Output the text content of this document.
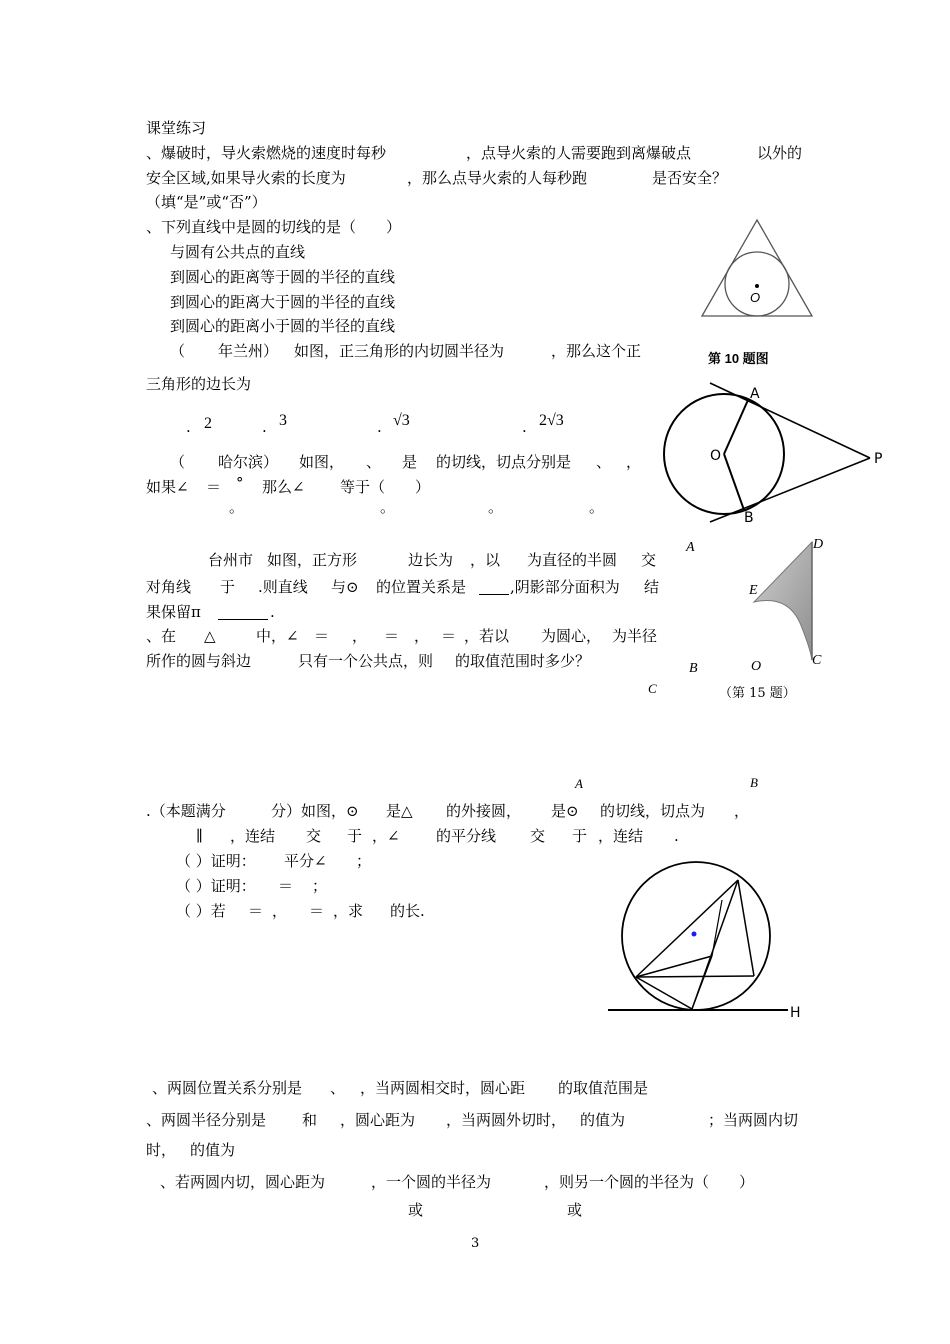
课堂练习
、爆破时，导火索燃烧的速度时每秒	，点导火索的人需要跑到离爆破点	以外的
安全区域,如果导火索的长度为	，那么点导火索的人每秒跑	是否安全？
（填“是”或“否”）
、下列直线中是圆的切线的是（　　）
与圆有公共点的直线
到圆心的距离等于圆的半径的直线
到圆心的距离大于圆的半径的直线
到圆心的距离小于圆的半径的直线
O
第 10 题图
（ 年兰州） 如图，正三角形的内切圆半径为	，那么这个正
三角形的边长为
. 2	. 3	. √3	. 2√3
A
B
O	P
（ 哈尔滨） 如图， 、 是 的切线，切点分别是 、 ，
如果∠ ＝ ° 那么∠ 等于（　　）
。	。	。	。
A	D
E
B	O	C
（第 15 题）
台州市 如图，正方形	边长为 ，以 为直径的半圆 交
对角线 于 .则直线 与⊙ 的位置关系是	,阴影部分面积为 结
果保留π	.
、在 △	中，∠ ＝ ， ＝ ， ＝ ，若以 为圆心， 为半径
所作的圆与斜边	只有一个公共点，则 的取值范围时多少？
C
A	B
.（本题满分	分）如图，⊙ 是△ 的外接圆， 是⊙ 的切线，切点为 ，
∥ ，连结 交 于 ，∠ 的平分线 交 于 ，连结 .
（ ）证明： 平分∠ ；
（ ）证明： ＝ ；
（ ）若 ＝ ， ＝ ，求 的长.
H
、两圆位置关系分别是 、 ，当两圆相交时，圆心距 的取值范围是
、两圆半径分别是 和 ，圆心距为 ，当两圆外切时， 的值为	；当两圆内切
时， 的值为
、若两圆内切，圆心距为	，一个圆的半径为	，则另一个圆的半径为（　　）
或	或
3
